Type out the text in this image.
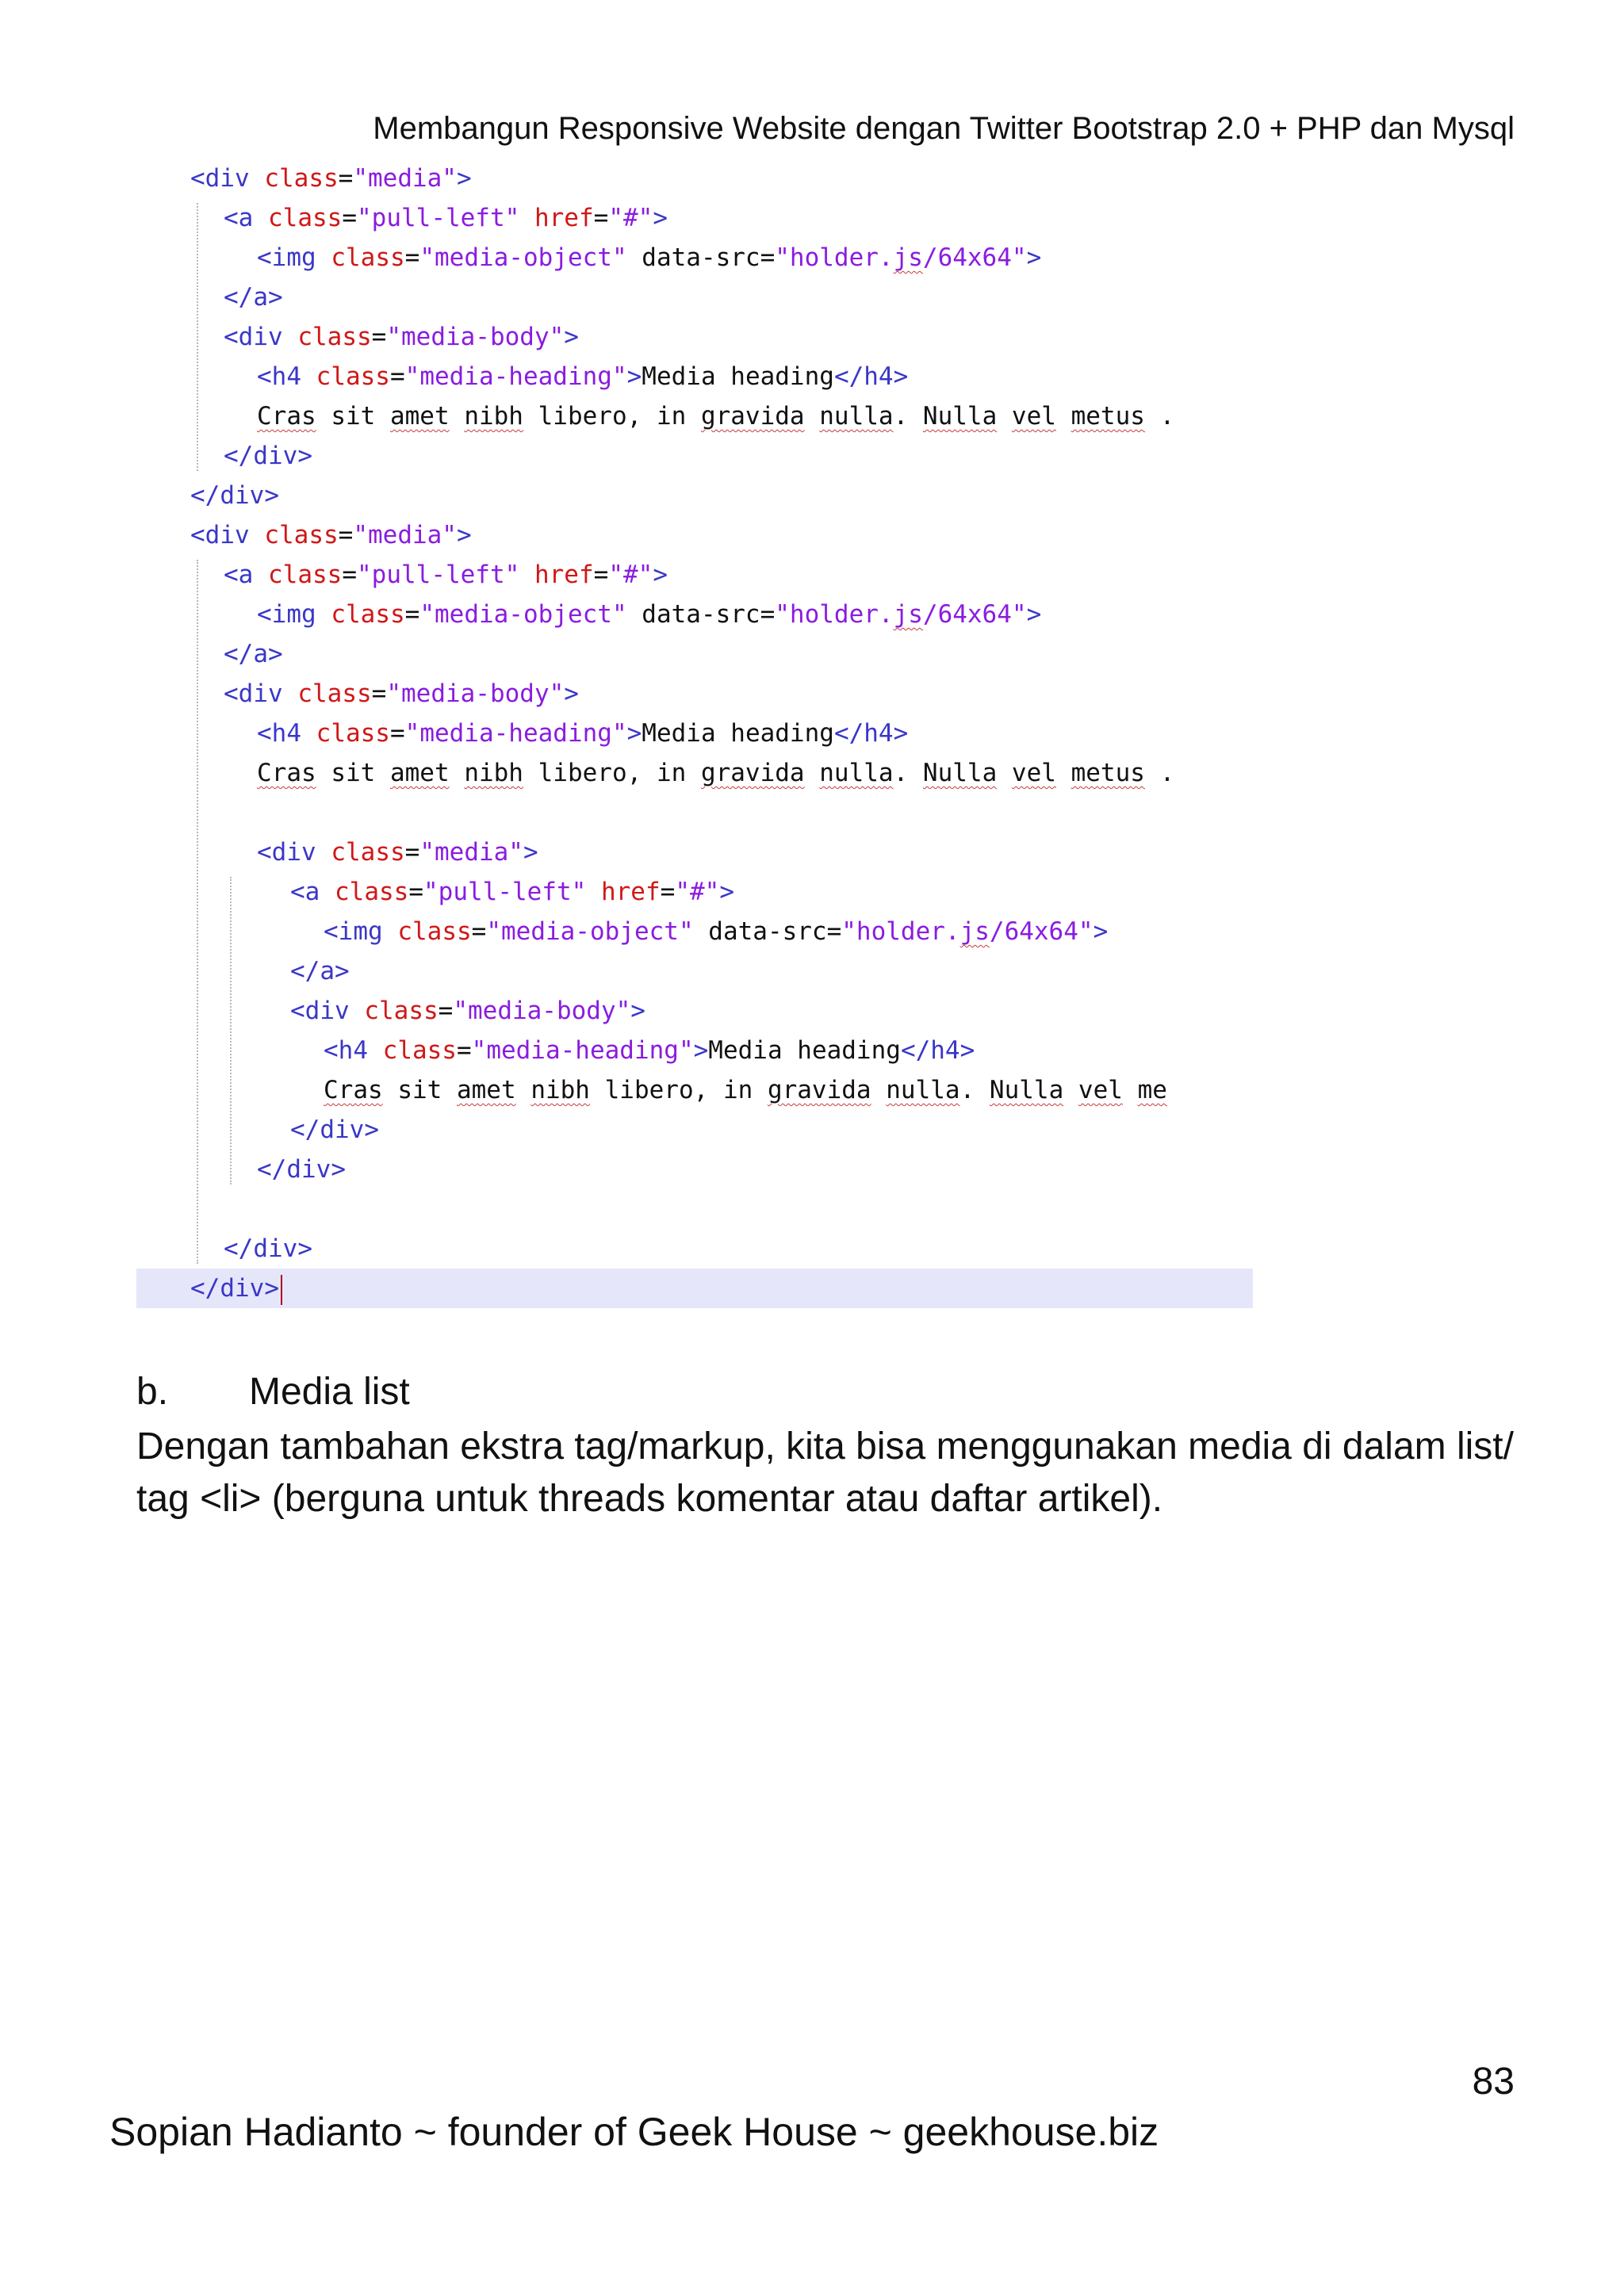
Membangun Responsive Website dengan Twitter Bootstrap 2.0 + PHP dan Mysql
<div class="media">
<a class="pull-left" href="#">
<img class="media-object" data-src="holder.js/64x64">
</a>
<div class="media-body">
<h4 class="media-heading">Media heading</h4>
Cras sit amet nibh libero, in gravida nulla. Nulla vel metus .
</div>
</div>
<div class="media">
<a class="pull-left" href="#">
<img class="media-object" data-src="holder.js/64x64">
</a>
<div class="media-body">
<h4 class="media-heading">Media heading</h4>
Cras sit amet nibh libero, in gravida nulla. Nulla vel metus .
<div class="media">
<a class="pull-left" href="#">
<img class="media-object" data-src="holder.js/64x64">
</a>
<div class="media-body">
<h4 class="media-heading">Media heading</h4>
Cras sit amet nibh libero, in gravida nulla. Nulla vel me
</div>
</div>
</div>
</div>
b. Media list
Dengan tambahan ekstra tag/markup, kita bisa menggunakan media di dalam list/ tag <li> (berguna untuk threads komentar atau daftar artikel).
83
Sopian Hadianto ~ founder of Geek House ~ geekhouse.biz
